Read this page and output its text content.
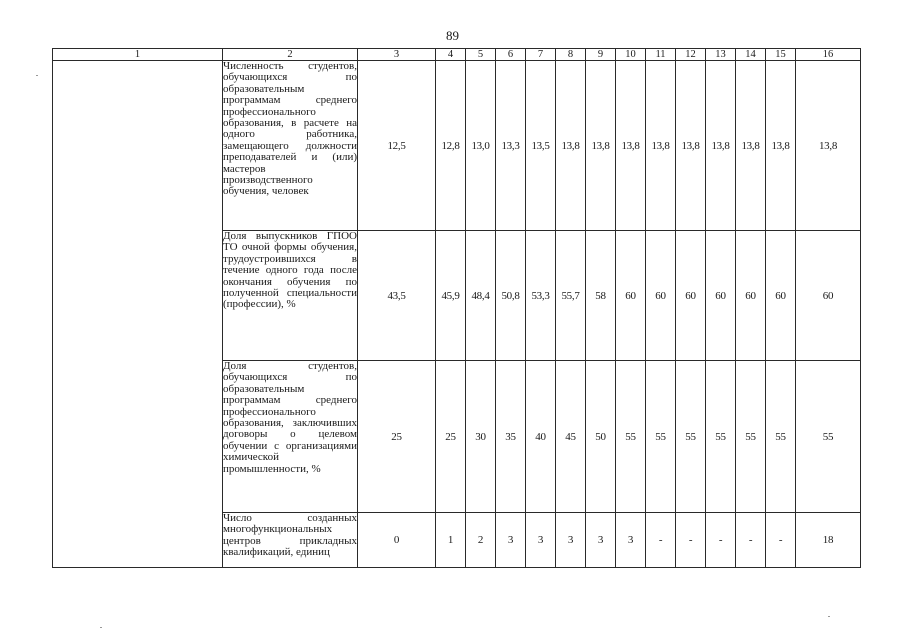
89
1	2	3	4	5	6	7	8	9	10	11	12	13	14	15	16
	Численность студентов, обучающихся по образовательным программам среднего профессионального образования, в расчете на одного работника, замещающего должности преподавателей и (или) мастеров производственного обучения, человек	12,5	12,8	13,0	13,3	13,5	13,8	13,8	13,8	13,8	13,8	13,8	13,8	13,8	13,8
	Доля выпускников ГПОО ТО очной формы обучения, трудоустроившихся в течение одного года после окончания обучения по полученной специальности (профессии), %	43,5	45,9	48,4	50,8	53,3	55,7	58	60	60	60	60	60	60	60
	Доля студентов, обучающихся по образовательным программам среднего профессионального образования, заключивших договоры о целевом обучении с организациями химической промышленности, %	25	25	30	35	40	45	50	55	55	55	55	55	55	55
	Число созданных многофункциональных центров прикладных квалификаций, единиц	0	1	2	3	3	3	3	3	-	-	-	-	-	18
